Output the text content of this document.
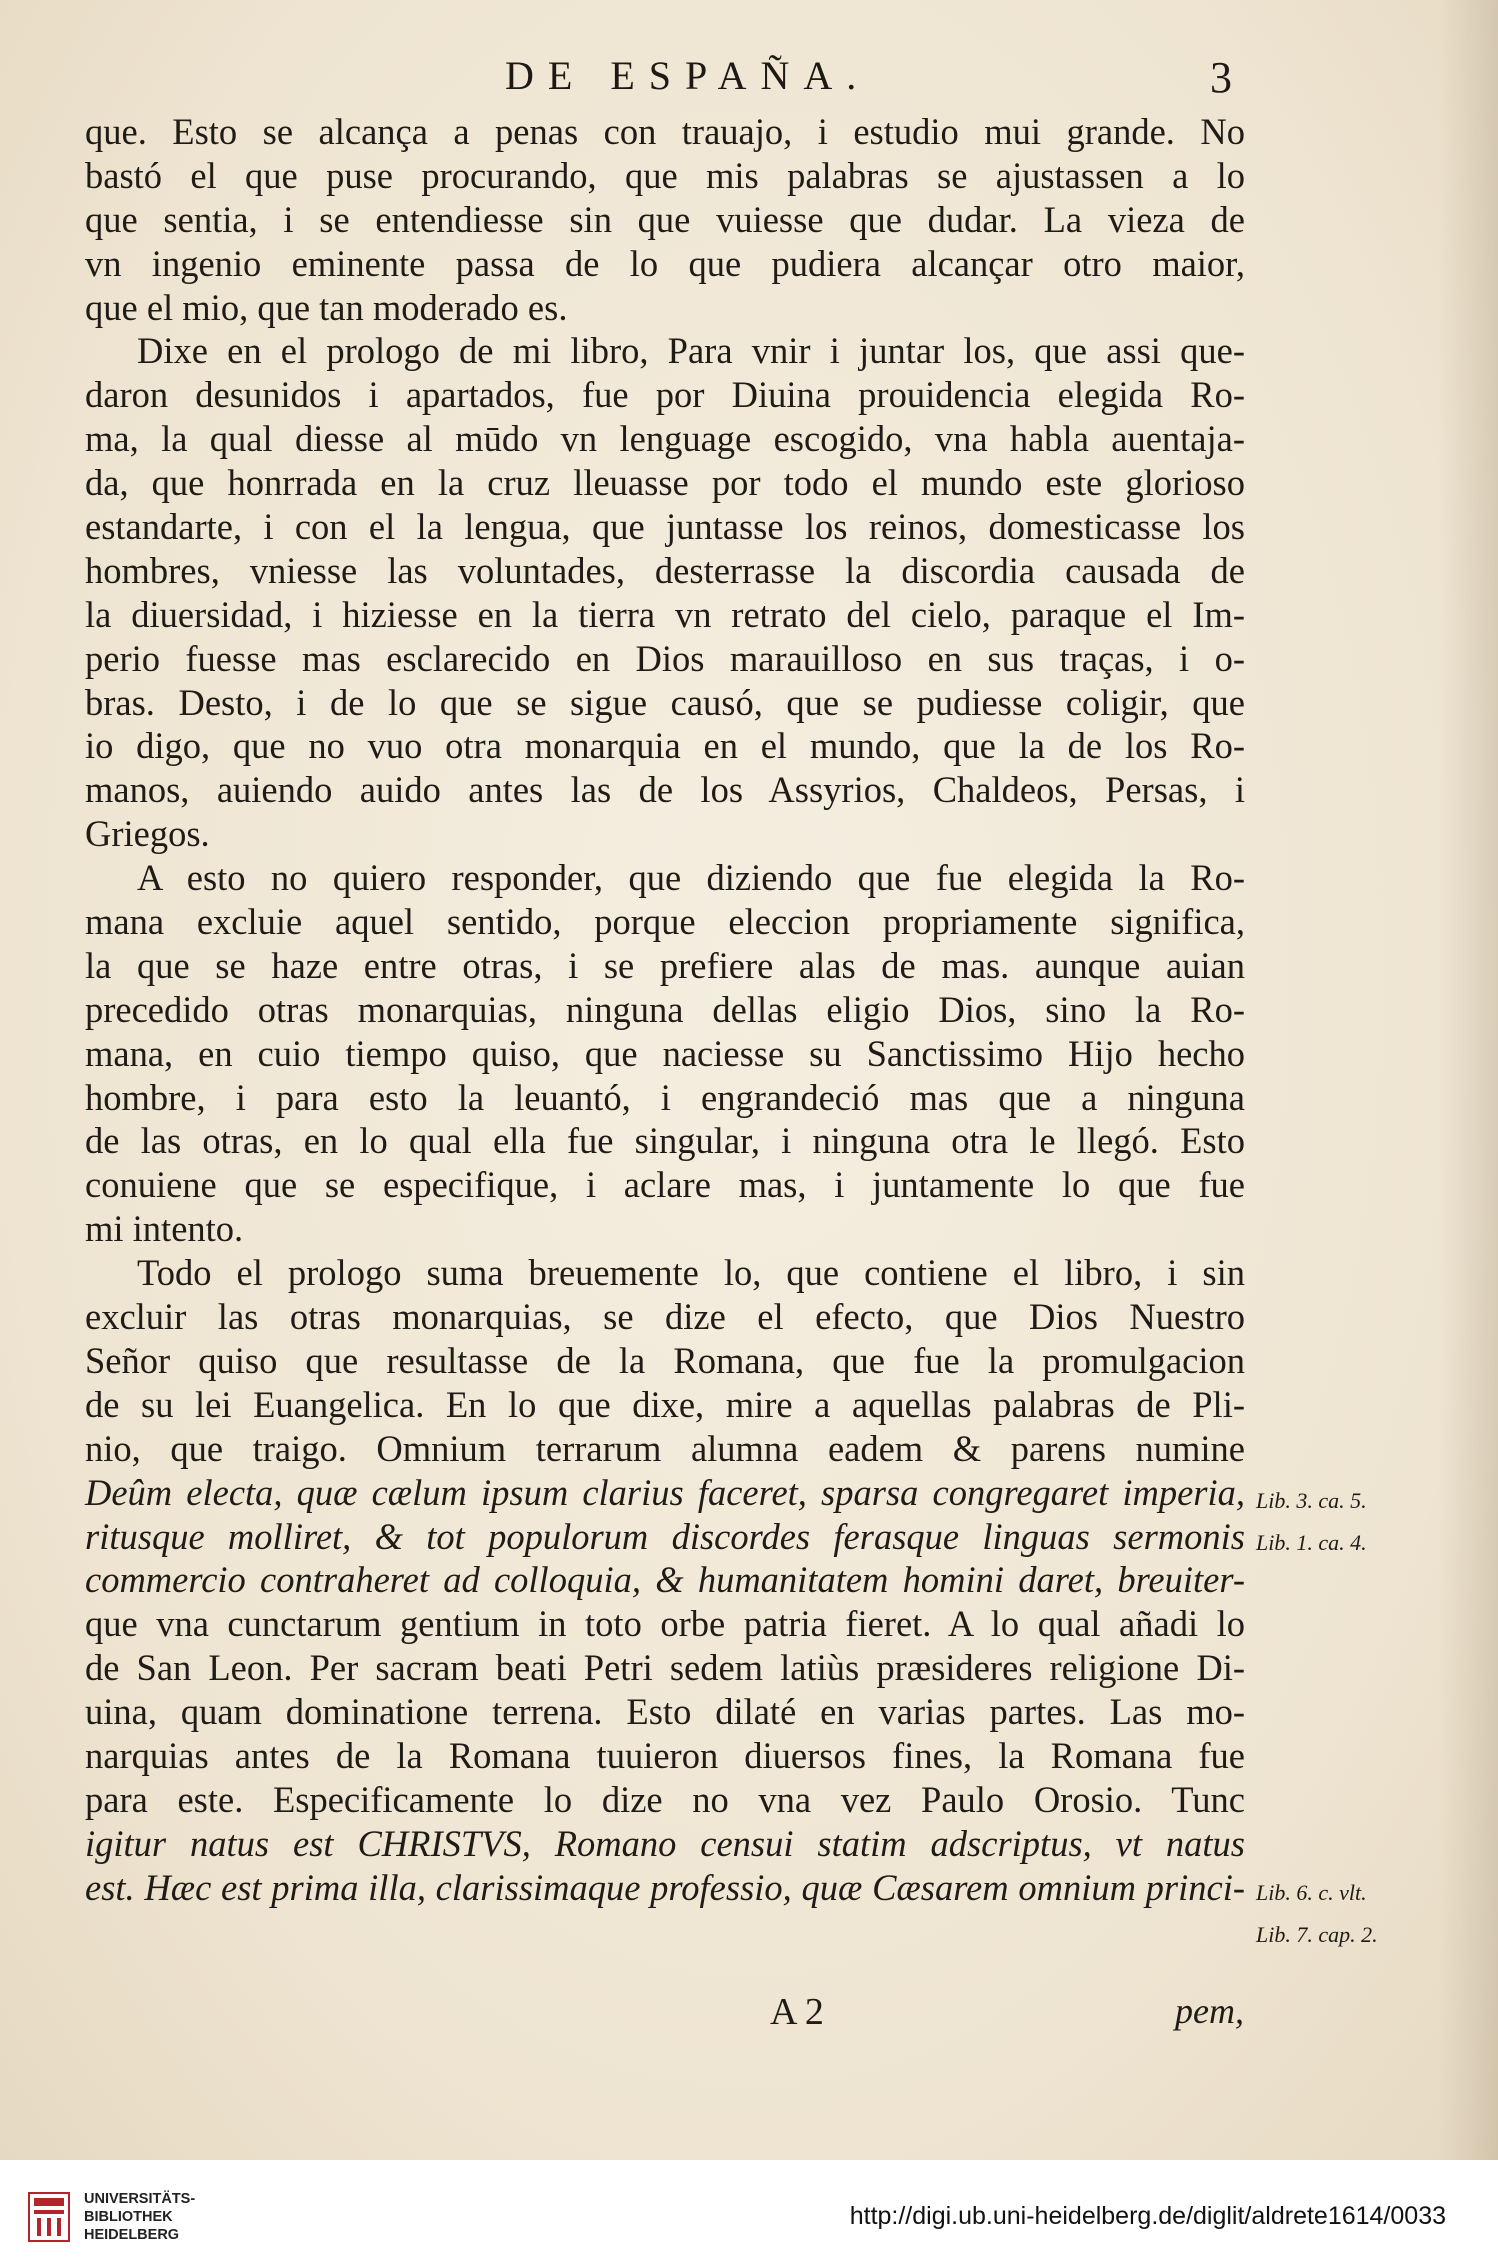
DE ESPAÑA.	3
que. Esto se alcança a penas con trauajo, i estudio mui grande. No
bastó el que puse procurando, que mis palabras se ajustassen a lo
que sentia, i se entendiesse sin que vuiesse que dudar. La vieza de
vn ingenio eminente passa de lo que pudiera alcançar otro maior,
que el mio, que tan moderado es.
Dixe en el prologo de mi libro, Para vnir i juntar los, que assi que-
daron desunidos i apartados, fue por Diuina prouidencia elegida Ro-
ma, la qual diesse al mūdo vn lenguage escogido, vna habla auentaja-
da, que honrrada en la cruz lleuasse por todo el mundo este glorioso
estandarte, i con el la lengua, que juntasse los reinos, domesticasse los
hombres, vniesse las voluntades, desterrasse la discordia causada de
la diuersidad, i hiziesse en la tierra vn retrato del cielo, paraque el Im-
perio fuesse mas esclarecido en Dios marauilloso en sus traças, i o-
bras. Desto, i de lo que se sigue causó, que se pudiesse coligir, que
io digo, que no vuo otra monarquia en el mundo, que la de los Ro-
manos, auiendo auido antes las de los Assyrios, Chaldeos, Persas, i
Griegos.
A esto no quiero responder, que diziendo que fue elegida la Ro-
mana excluie aquel sentido, porque eleccion propriamente significa,
la que se haze entre otras, i se prefiere alas de mas. aunque auian
precedido otras monarquias, ninguna dellas eligio Dios, sino la Ro-
mana, en cuio tiempo quiso, que naciesse su Sanctissimo Hijo hecho
hombre, i para esto la leuantó, i engrandeció mas que a ninguna
de las otras, en lo qual ella fue singular, i ninguna otra le llegó. Esto
conuiene que se especifique, i aclare mas, i juntamente lo que fue
mi intento.
Todo el prologo suma breuemente lo, que contiene el libro, i sin
excluir las otras monarquias, se dize el efecto, que Dios Nuestro
Señor quiso que resultasse de la Romana, que fue la promulgacion
de su lei Euangelica. En lo que dixe, mire a aquellas palabras de Pli-
nio, que traigo. Omnium terrarum alumna eadem & parens numine
Deûm electa, quæ cælum ipsum clarius faceret, sparsa congregaret imperia,
ritusque molliret, & tot populorum discordes ferasque linguas sermonis
commercio contraheret ad colloquia, & humanitatem homini daret, breuiter-
que vna cunctarum gentium in toto orbe patria fieret. A lo qual añadi lo
de San Leon. Per sacram beati Petri sedem latiùs præsideres religione Di-
uina, quam dominatione terrena. Esto dilaté en varias partes. Las mo-
narquias antes de la Romana tuuieron diuersos fines, la Romana fue
para este. Especificamente lo dize no vna vez Paulo Orosio. Tunc
igitur natus est CHRISTVS, Romano censui statim adscriptus, vt natus
est. Hæc est prima illa, clarissimaque professio, quæ Cæsarem omnium princi-
Lib. 3. ca. 5.
Lib. 1. ca. 4.
Lib. 6. c. vlt.
Lib. 7. cap. 2.
A 2	pem,
UNIVERSITÄTS-
BIBLIOTHEK
HEIDELBERG
http://digi.ub.uni-heidelberg.de/diglit/aldrete1614/0033
